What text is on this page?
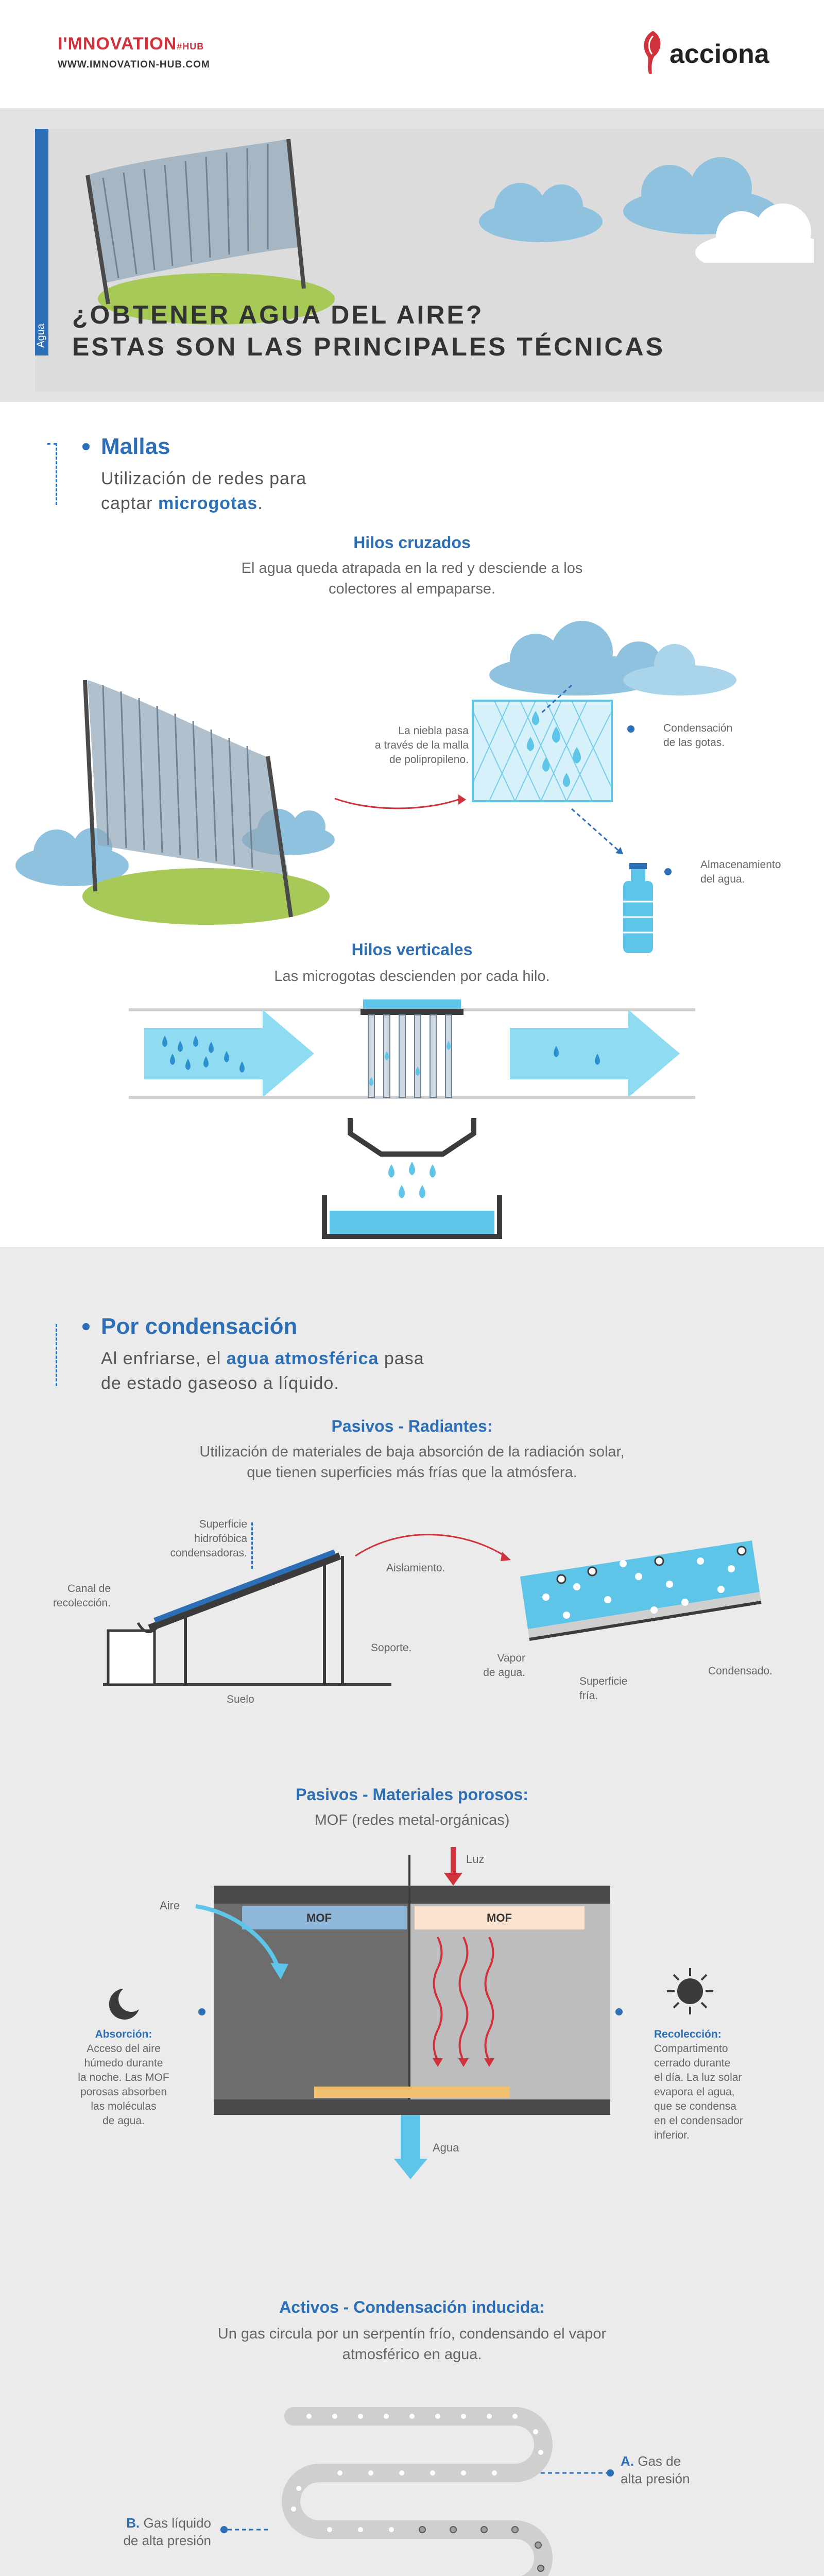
I'MNOVATION#HUB
WWW.IMNOVATION-HUB.COM	acciona
Agua
¿OBTENER AGUA DEL AIRE?
ESTAS SON LAS PRINCIPALES TÉCNICAS
Mallas
Utilización de redes para
captar microgotas.
Hilos cruzados
El agua queda atrapada en la red y desciende a los
colectores al empaparse.
La niebla pasa
a través de la malla
de polipropileno.
Condensación
de las gotas.
Almacenamiento
del agua.
Hilos verticales
Las microgotas descienden por cada hilo.
Por condensación
Al enfriarse, el agua atmosférica pasa
de estado gaseoso a líquido.
Pasivos - Radiantes:
Utilización de materiales de baja absorción de la radiación solar,
que tienen superficies más frías que la atmósfera.
Superficie
hidrofóbica
condensadoras.
Canal de
recolección.
Aislamiento.
Soporte.
Suelo
Vapor
de agua.
Superficie
fría.
Condensado.
Pasivos - Materiales porosos:
MOF (redes metal-orgánicas)
Luz
Aire
MOF	MOF
Agua
Absorción:
Acceso del aire
húmedo durante
la noche. Las MOF
porosas absorben
las moléculas
de agua.
Recolección:
Compartimento
cerrado durante
el día. La luz solar
evapora el agua,
que se condensa
en el condensador
inferior.
Activos - Condensación inducida:
Un gas circula por un serpentín frío, condensando el vapor
atmosférico en agua.
A. Gas de
alta presión
B. Gas líquido
de alta presión
